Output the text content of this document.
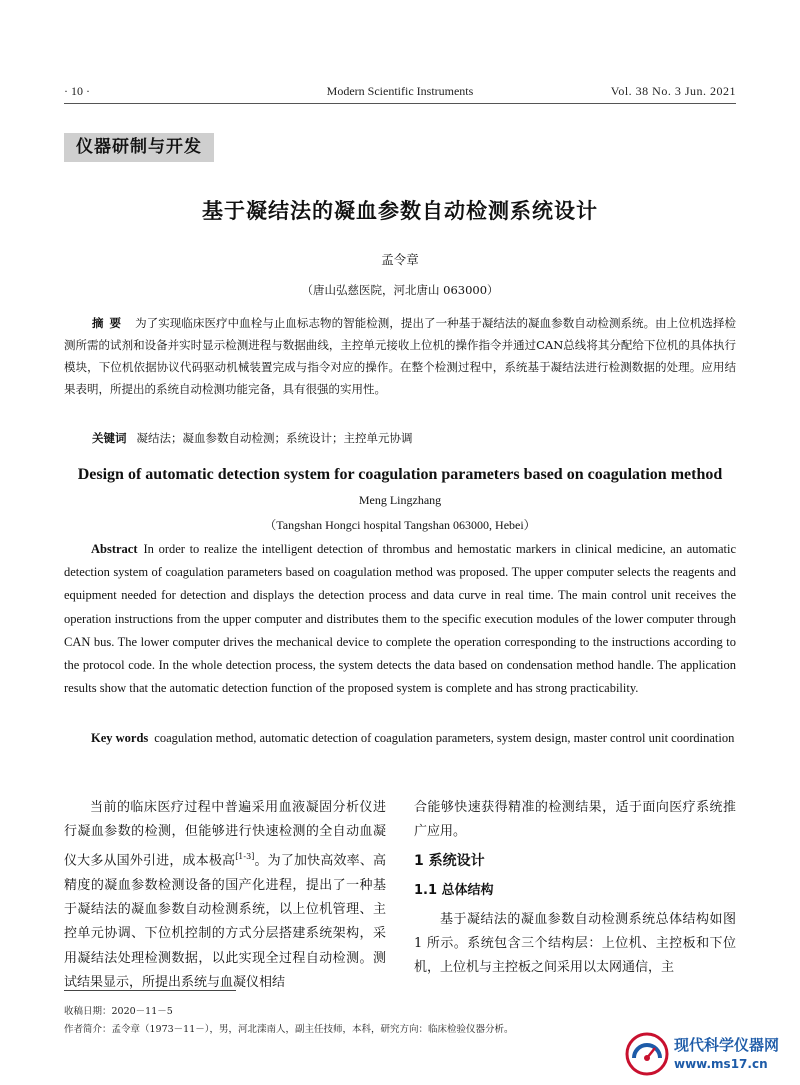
· 10 ·	Modern Scientific Instruments	Vol. 38 No. 3 Jun. 2021
仪器研制与开发
基于凝结法的凝血参数自动检测系统设计
孟令章
（唐山弘慈医院，河北唐山 063000）
摘要 为了实现临床医疗中血栓与止血标志物的智能检测，提出了一种基于凝结法的凝血参数自动检测系统。由上位机选择检测所需的试剂和设备并实时显示检测进程与数据曲线，主控单元接收上位机的操作指令并通过CAN总线将其分配给下位机的具体执行模块，下位机依据协议代码驱动机械装置完成与指令对应的操作。在整个检测过程中，系统基于凝结法进行检测数据的处理。应用结果表明，所提出的系统自动检测功能完备，具有很强的实用性。
关键词 凝结法；凝血参数自动检测；系统设计；主控单元协调
Design of automatic detection system for coagulation parameters based on coagulation method
Meng Lingzhang
（Tangshan Hongci hospital Tangshan 063000, Hebei）
Abstract In order to realize the intelligent detection of thrombus and hemostatic markers in clinical medicine, an automatic detection system of coagulation parameters based on coagulation method was proposed. The upper computer selects the reagents and equipment needed for detection and displays the detection process and data curve in real time. The main control unit receives the operation instructions from the upper computer and distributes them to the specific execution modules of the lower computer through CAN bus. The lower computer drives the mechanical device to complete the operation corresponding to the instructions according to the protocol code. In the whole detection process, the system detects the data based on condensation method handle. The application results show that the automatic detection function of the proposed system is complete and has strong practicability.
Key words coagulation method, automatic detection of coagulation parameters, system design, master control unit coordination
当前的临床医疗过程中普遍采用血液凝固分析仪进行凝血参数的检测，但能够进行快速检测的全自动血凝仪大多从国外引进，成本极高[1-3]。为了加快高效率、高精度的凝血参数检测设备的国产化进程，提出了一种基于凝结法的凝血参数自动检测系统，以上位机管理、主控单元协调、下位机控制的方式分层搭建系统架构，采用凝结法处理检测数据，以此实现全过程自动检测。测试结果显示，所提出系统与血凝仪相结
合能够快速获得精准的检测结果，适于面向医疗系统推广应用。
1 系统设计
1.1 总体结构
基于凝结法的凝血参数自动检测系统总体结构如图 1 所示。系统包含三个结构层：上位机、主控板和下位机，上位机与主控板之间采用以太网通信，主
收稿日期：2020－11－5
作者简介：孟令章（1973－11－），男，河北滦南人，副主任技师，本科，研究方向：临床检验仪器分析。
现代科学仪器网
www.ms17.cn
